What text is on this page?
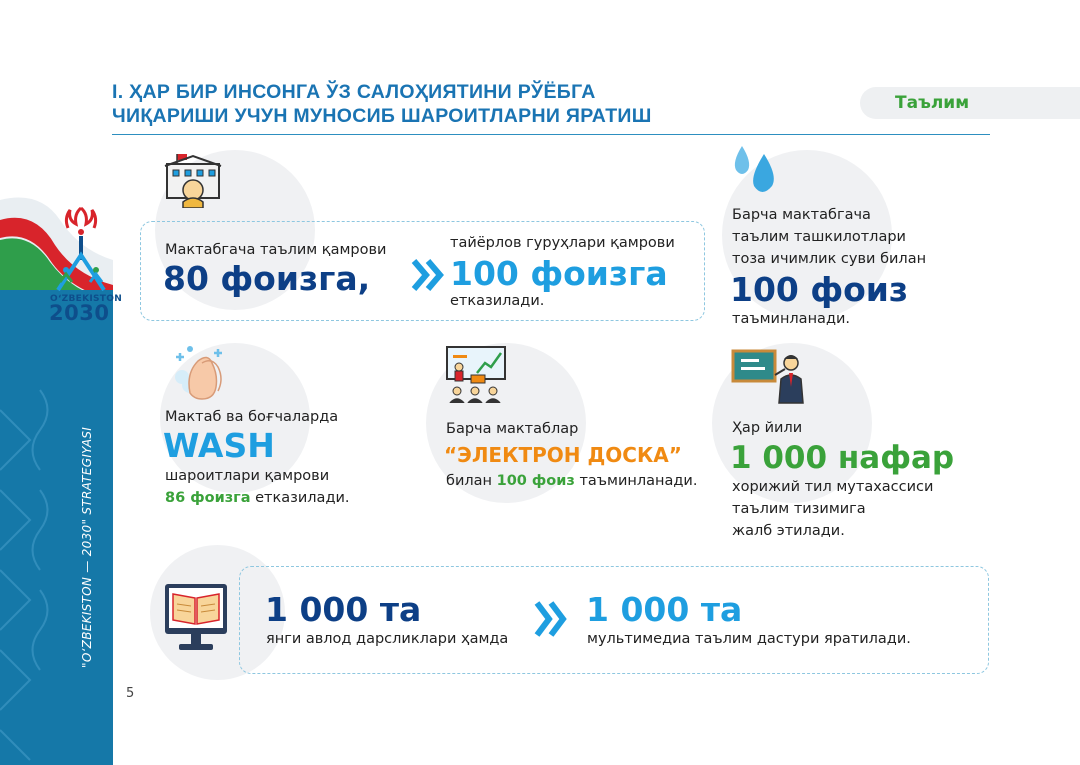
OʻZBEKISTON
2030
"OʻZBEKISTON — 2030" STRATEGIYASI
5
I. ҲАР БИР ИНСОНГА ЎЗ САЛОҲИЯТИНИ РЎЁБГА
ЧИҚАРИШИ УЧУН МУНОСИБ ШАРОИТЛАРНИ ЯРАТИШ
Таълим
Мактабгача таълим қамрови
80 фоизга,
тайёрлов гуруҳлари қамрови
100 фоизга
етказилади.
Барча мактабгача
таълим ташкилотлари
тоза ичимлик суви билан
100 фоиз
таъминланади.
Мактаб ва боғчаларда
WASH
шароитлари қамрови
86 фоизга етказилади.
Барча мактаблар
“ЭЛЕКТРОН ДОСКА”
билан 100 фоиз таъминланади.
Ҳар йили
1 000 нафар
хорижий тил мутахассиси
таълим тизимига
жалб этилади.
1 000 та
янги авлод дарсликлари ҳамда
1 000 та
мультимедиа таълим дастури яратилади.
